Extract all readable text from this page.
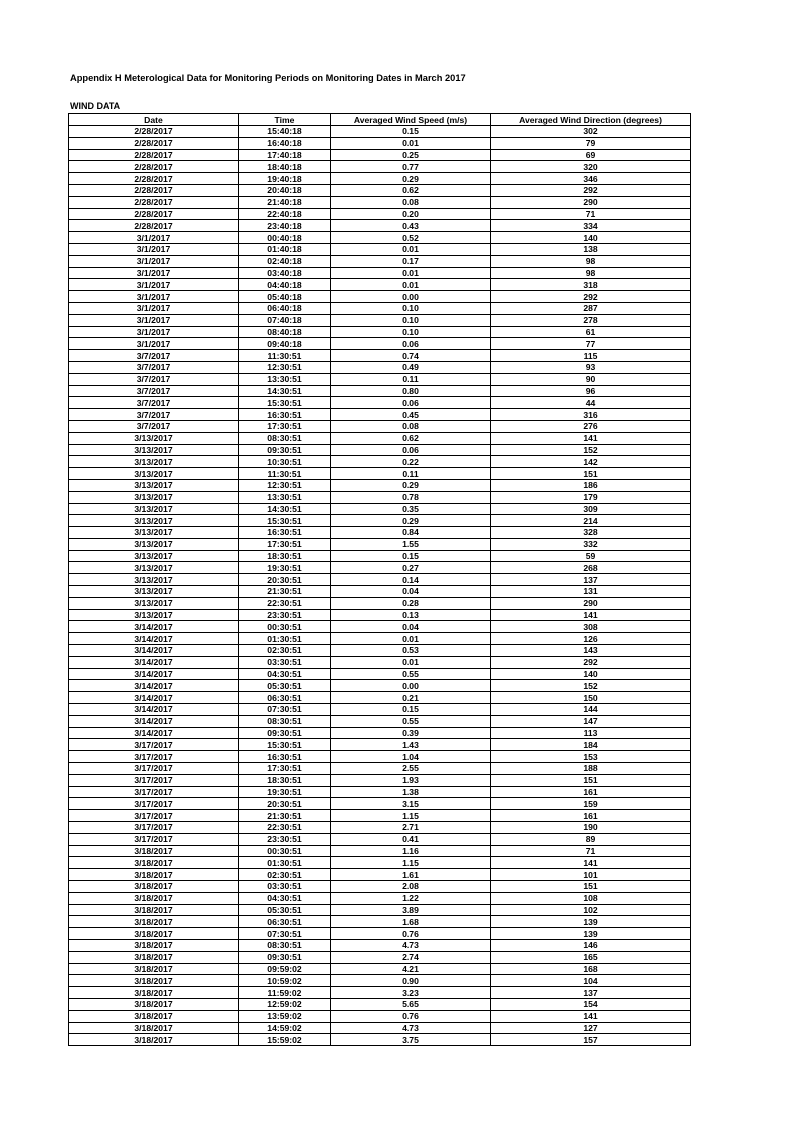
Appendix H Meterological Data for Monitoring Periods on Monitoring Dates in March 2017
WIND DATA
Date	Time	Averaged Wind Speed (m/s)	Averaged Wind Direction (degrees)
2/28/2017	15:40:18	0.15	302
2/28/2017	16:40:18	0.01	79
2/28/2017	17:40:18	0.25	69
2/28/2017	18:40:18	0.77	320
2/28/2017	19:40:18	0.29	346
2/28/2017	20:40:18	0.62	292
2/28/2017	21:40:18	0.08	290
2/28/2017	22:40:18	0.20	71
2/28/2017	23:40:18	0.43	334
3/1/2017	00:40:18	0.52	140
3/1/2017	01:40:18	0.01	138
3/1/2017	02:40:18	0.17	98
3/1/2017	03:40:18	0.01	98
3/1/2017	04:40:18	0.01	318
3/1/2017	05:40:18	0.00	292
3/1/2017	06:40:18	0.10	287
3/1/2017	07:40:18	0.10	278
3/1/2017	08:40:18	0.10	61
3/1/2017	09:40:18	0.06	77
3/7/2017	11:30:51	0.74	115
3/7/2017	12:30:51	0.49	93
3/7/2017	13:30:51	0.11	90
3/7/2017	14:30:51	0.80	96
3/7/2017	15:30:51	0.06	44
3/7/2017	16:30:51	0.45	316
3/7/2017	17:30:51	0.08	276
3/13/2017	08:30:51	0.62	141
3/13/2017	09:30:51	0.06	152
3/13/2017	10:30:51	0.22	142
3/13/2017	11:30:51	0.11	151
3/13/2017	12:30:51	0.29	186
3/13/2017	13:30:51	0.78	179
3/13/2017	14:30:51	0.35	309
3/13/2017	15:30:51	0.29	214
3/13/2017	16:30:51	0.84	328
3/13/2017	17:30:51	1.55	332
3/13/2017	18:30:51	0.15	59
3/13/2017	19:30:51	0.27	268
3/13/2017	20:30:51	0.14	137
3/13/2017	21:30:51	0.04	131
3/13/2017	22:30:51	0.28	290
3/13/2017	23:30:51	0.13	141
3/14/2017	00:30:51	0.04	308
3/14/2017	01:30:51	0.01	126
3/14/2017	02:30:51	0.53	143
3/14/2017	03:30:51	0.01	292
3/14/2017	04:30:51	0.55	140
3/14/2017	05:30:51	0.00	152
3/14/2017	06:30:51	0.21	150
3/14/2017	07:30:51	0.15	144
3/14/2017	08:30:51	0.55	147
3/14/2017	09:30:51	0.39	113
3/17/2017	15:30:51	1.43	184
3/17/2017	16:30:51	1.04	153
3/17/2017	17:30:51	2.55	188
3/17/2017	18:30:51	1.93	151
3/17/2017	19:30:51	1.38	161
3/17/2017	20:30:51	3.15	159
3/17/2017	21:30:51	1.15	161
3/17/2017	22:30:51	2.71	190
3/17/2017	23:30:51	0.41	89
3/18/2017	00:30:51	1.16	71
3/18/2017	01:30:51	1.15	141
3/18/2017	02:30:51	1.61	101
3/18/2017	03:30:51	2.08	151
3/18/2017	04:30:51	1.22	108
3/18/2017	05:30:51	3.89	102
3/18/2017	06:30:51	1.68	139
3/18/2017	07:30:51	0.76	139
3/18/2017	08:30:51	4.73	146
3/18/2017	09:30:51	2.74	165
3/18/2017	09:59:02	4.21	168
3/18/2017	10:59:02	0.90	104
3/18/2017	11:59:02	3.23	137
3/18/2017	12:59:02	5.65	154
3/18/2017	13:59:02	0.76	141
3/18/2017	14:59:02	4.73	127
3/18/2017	15:59:02	3.75	157
